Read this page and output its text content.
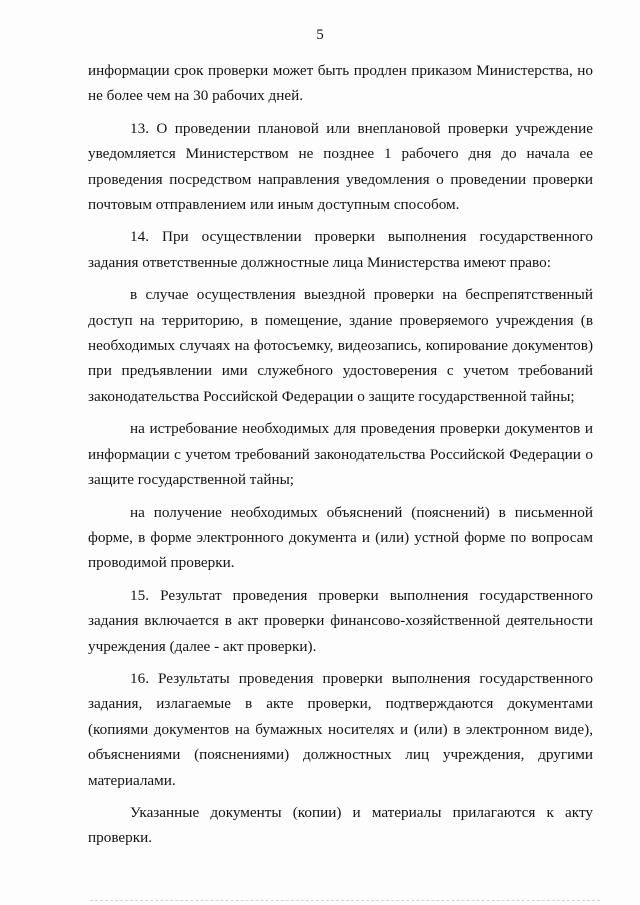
5

информации срок проверки может быть продлен приказом Министерства, но не более чем на 30 рабочих дней.

13. О проведении плановой или внеплановой проверки учреждение уведомляется Министерством не позднее 1 рабочего дня до начала ее проведения посредством направления уведомления о проведении проверки почтовым отправлением или иным доступным способом.

14. При осуществлении проверки выполнения государственного задания ответственные должностные лица Министерства имеют право:

в случае осуществления выездной проверки на беспрепятственный доступ на территорию, в помещение, здание проверяемого учреждения (в необходимых случаях на фотосъемку, видеозапись, копирование документов) при предъявлении ими служебного удостоверения с учетом требований законодательства Российской Федерации о защите государственной тайны;

на истребование необходимых для проведения проверки документов и информации с учетом требований законодательства Российской Федерации о защите государственной тайны;

на получение необходимых объяснений (пояснений) в письменной форме, в форме электронного документа и (или) устной форме по вопросам проводимой проверки.

15. Результат проведения проверки выполнения государственного задания включается в акт проверки финансово-хозяйственной деятельности учреждения (далее - акт проверки).

16. Результаты проведения проверки выполнения государственного задания, излагаемые в акте проверки, подтверждаются документами (копиями документов на бумажных носителях и (или) в электронном виде), объяснениями (пояснениями) должностных лиц учреждения, другими материалами.

Указанные документы (копии) и материалы прилагаются к акту проверки.
